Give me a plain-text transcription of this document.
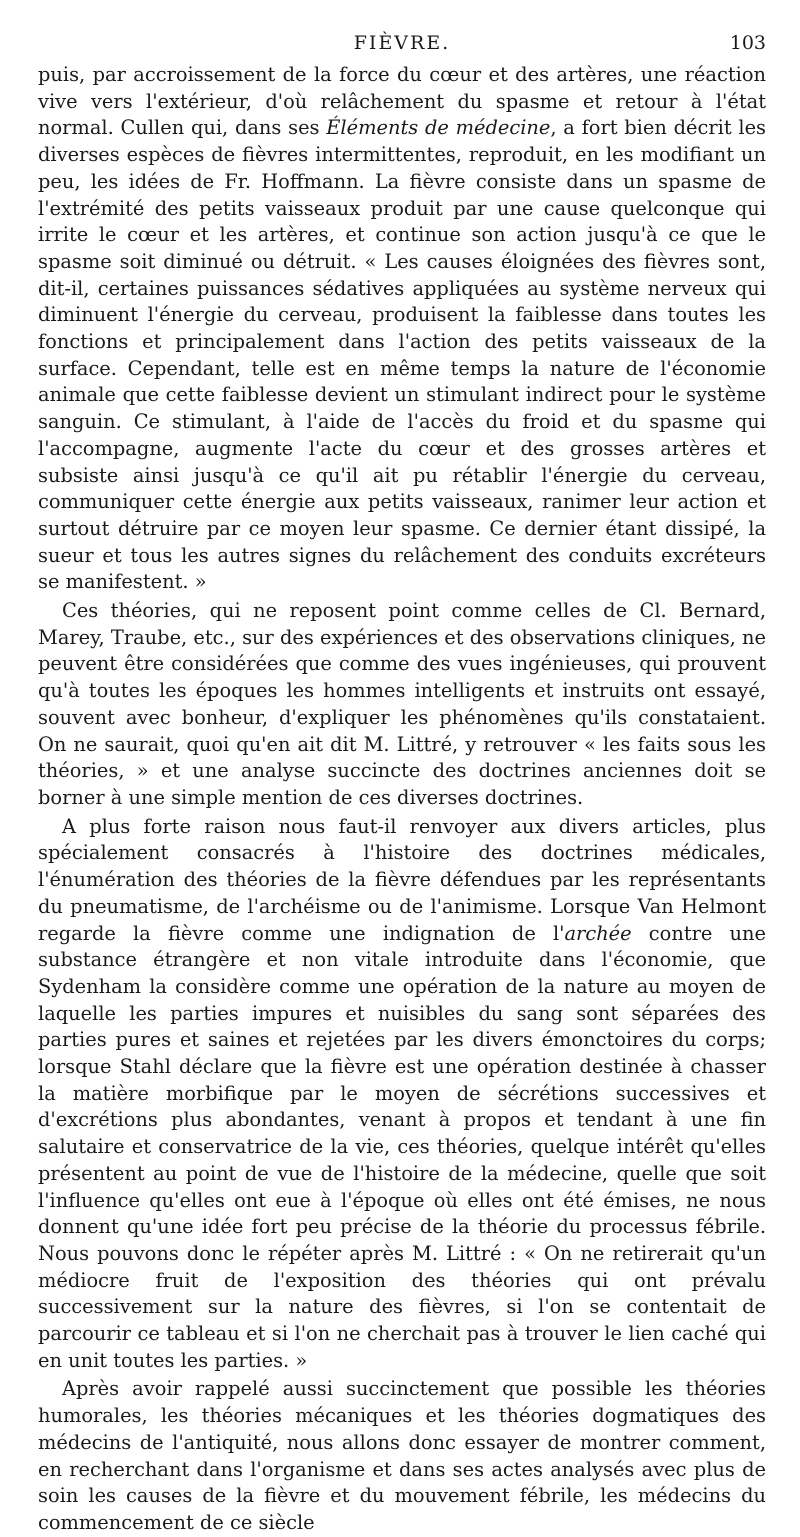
FIÈVRE.	103

puis, par accroissement de la force du cœur et des artères, une réaction vive vers l'extérieur, d'où relâchement du spasme et retour à l'état normal. Cullen qui, dans ses Éléments de médecine, a fort bien décrit les diverses espèces de fièvres intermittentes, reproduit, en les modifiant un peu, les idées de Fr. Hoffmann. La fièvre consiste dans un spasme de l'extrémité des petits vaisseaux produit par une cause quelconque qui irrite le cœur et les artères, et continue son action jusqu'à ce que le spasme soit diminué ou détruit. « Les causes éloignées des fièvres sont, dit-il, certaines puissances sédatives appliquées au système nerveux qui diminuent l'énergie du cerveau, produisent la faiblesse dans toutes les fonctions et principalement dans l'action des petits vaisseaux de la surface. Cependant, telle est en même temps la nature de l'économie animale que cette faiblesse devient un stimulant indirect pour le système sanguin. Ce stimulant, à l'aide de l'accès du froid et du spasme qui l'accompagne, augmente l'acte du cœur et des grosses artères et subsiste ainsi jusqu'à ce qu'il ait pu rétablir l'énergie du cerveau, communiquer cette énergie aux petits vaisseaux, ranimer leur action et surtout détruire par ce moyen leur spasme. Ce dernier étant dissipé, la sueur et tous les autres signes du relâchement des conduits excréteurs se manifestent. »

Ces théories, qui ne reposent point comme celles de Cl. Bernard, Marey, Traube, etc., sur des expériences et des observations cliniques, ne peuvent être considérées que comme des vues ingénieuses, qui prouvent qu'à toutes les époques les hommes intelligents et instruits ont essayé, souvent avec bonheur, d'expliquer les phénomènes qu'ils constataient. On ne saurait, quoi qu'en ait dit M. Littré, y retrouver « les faits sous les théories, » et une analyse succincte des doctrines anciennes doit se borner à une simple mention de ces diverses doctrines.

A plus forte raison nous faut-il renvoyer aux divers articles, plus spécialement consacrés à l'histoire des doctrines médicales, l'énumération des théories de la fièvre défendues par les représentants du pneumatisme, de l'archéisme ou de l'animisme. Lorsque Van Helmont regarde la fièvre comme une indignation de l'archée contre une substance étrangère et non vitale introduite dans l'économie, que Sydenham la considère comme une opération de la nature au moyen de laquelle les parties impures et nuisibles du sang sont séparées des parties pures et saines et rejetées par les divers émonctoires du corps; lorsque Stahl déclare que la fièvre est une opération destinée à chasser la matière morbifique par le moyen de sécrétions successives et d'excrétions plus abondantes, venant à propos et tendant à une fin salutaire et conservatrice de la vie, ces théories, quelque intérêt qu'elles présentent au point de vue de l'histoire de la médecine, quelle que soit l'influence qu'elles ont eue à l'époque où elles ont été émises, ne nous donnent qu'une idée fort peu précise de la théorie du processus fébrile. Nous pouvons donc le répéter après M. Littré : « On ne retirerait qu'un médiocre fruit de l'exposition des théories qui ont prévalu successivement sur la nature des fièvres, si l'on se contentait de parcourir ce tableau et si l'on ne cherchait pas à trouver le lien caché qui en unit toutes les parties. »

Après avoir rappelé aussi succinctement que possible les théories humorales, les théories mécaniques et les théories dogmatiques des médecins de l'antiquité, nous allons donc essayer de montrer comment, en recherchant dans l'organisme et dans ses actes analysés avec plus de soin les causes de la fièvre et du mouvement fébrile, les médecins du commencement de ce siècle
